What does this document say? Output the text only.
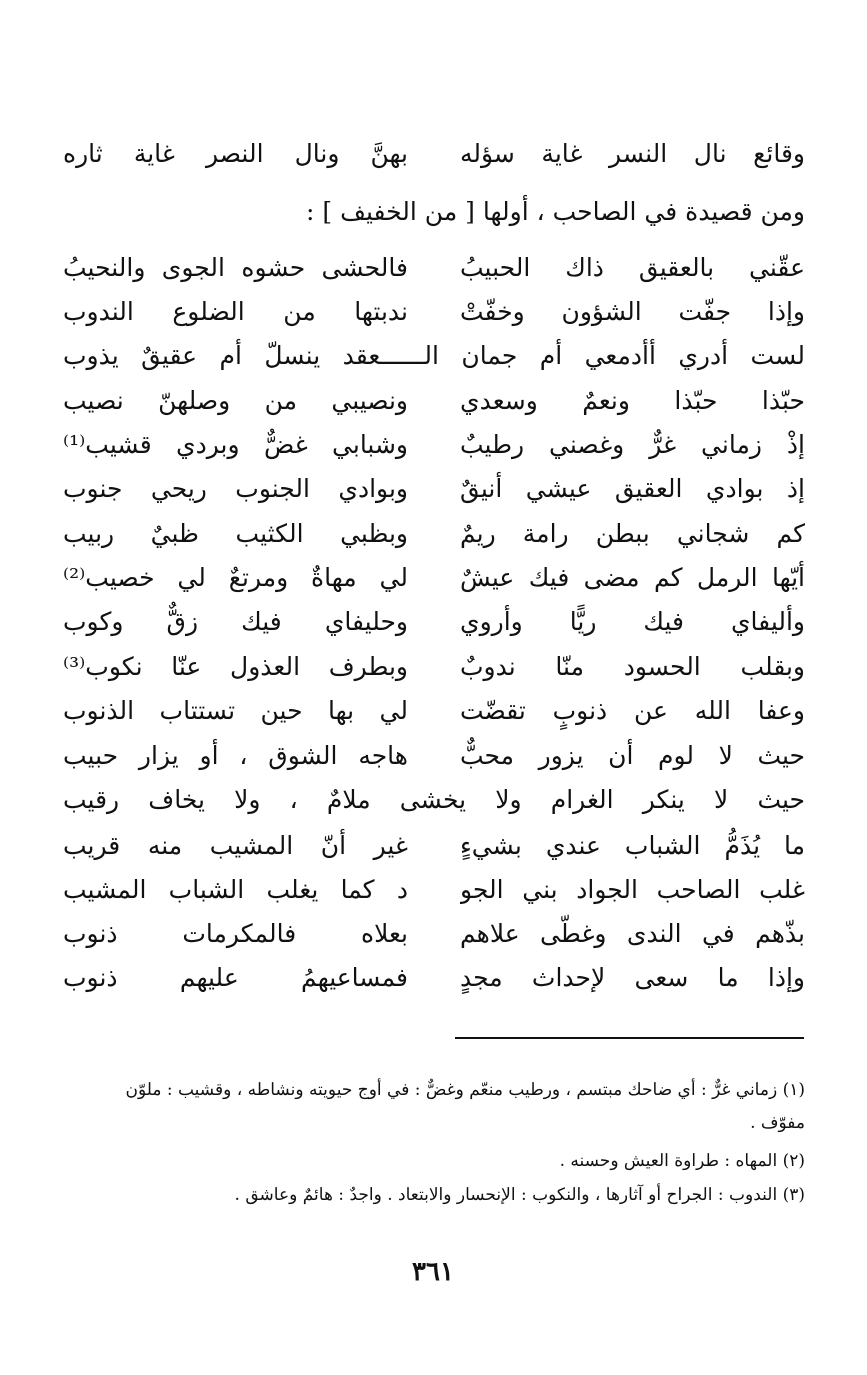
وقائع نال النسر غاية سؤله
بهنَّ ونال النصر غاية ثاره
ومن قصيدة في الصاحب ، أولها [ من الخفيف ] :
عقّني بالعقيق ذاك الحبيبُ
فالحشى حشوه الجوى والنحيبُ
وإذا جفّت الشؤون وخفّتْ
ندبتها من الضلوع الندوب
لست أدري أأدمعي أم جمان الــــــعقد ينسلّ أم عقيقٌ يذوب
حبّذا حبّذا ونعمٌ وسعدي
ونصيبي من وصلهنّ نصيب
إذْ زماني غرٌّ وغصني رطيبٌ
وشبابي غضٌّ وبردي قشيب⁽¹⁾
إذ بوادي العقيق عيشي أنيقٌ
وبوادي الجنوب ريحي جنوب
كم شجاني ببطن رامة ريمٌ
وبظبي الكثيب ظبيٌ ربيب
أيّها الرمل كم مضى فيك عيشٌ
لي مهاةٌ ومرتعٌ لي خصيب⁽²⁾
وأليفاي فيك ريًّا وأروي
وحليفاي فيك زقٌّ وكوب
وبقلب الحسود منّا ندوبٌ
وبطرف العذول عنّا نكوب⁽³⁾
وعفا الله عن ذنوبٍ تقضّت
لي بها حين تستتاب الذنوب
حيث لا لوم أن يزور محبٌّ
هاجه الشوق ، أو يزار حبيب
حيث لا ينكر الغرام ولا يخشى ملامٌ ، ولا يخاف رقيب
ما يُذَمُّ الشباب عندي بشيءٍ
غير أنّ المشيب منه قريب
غلب الصاحب الجواد بني الجو
د كما يغلب الشباب المشيب
بذّهم في الندى وغطّى علاهم
بعلاه فالمكرمات ذنوب
وإذا ما سعى لإحداث مجدٍ
فمساعيهمُ عليهم ذنوب
(١) زماني غرٌّ : أي ضاحك مبتسم ، ورطيب منعّم وغضٌّ : في أوج حيويته ونشاطه ، وقشيب : ملوّن
مفوّف .
(٢) المهاه : طراوة العيش وحسنه .
(٣) الندوب : الجراح أو آثارها ، والنكوب : الإنحسار والابتعاد . واجدٌ : هائمٌ وعاشق .
٣٦١
